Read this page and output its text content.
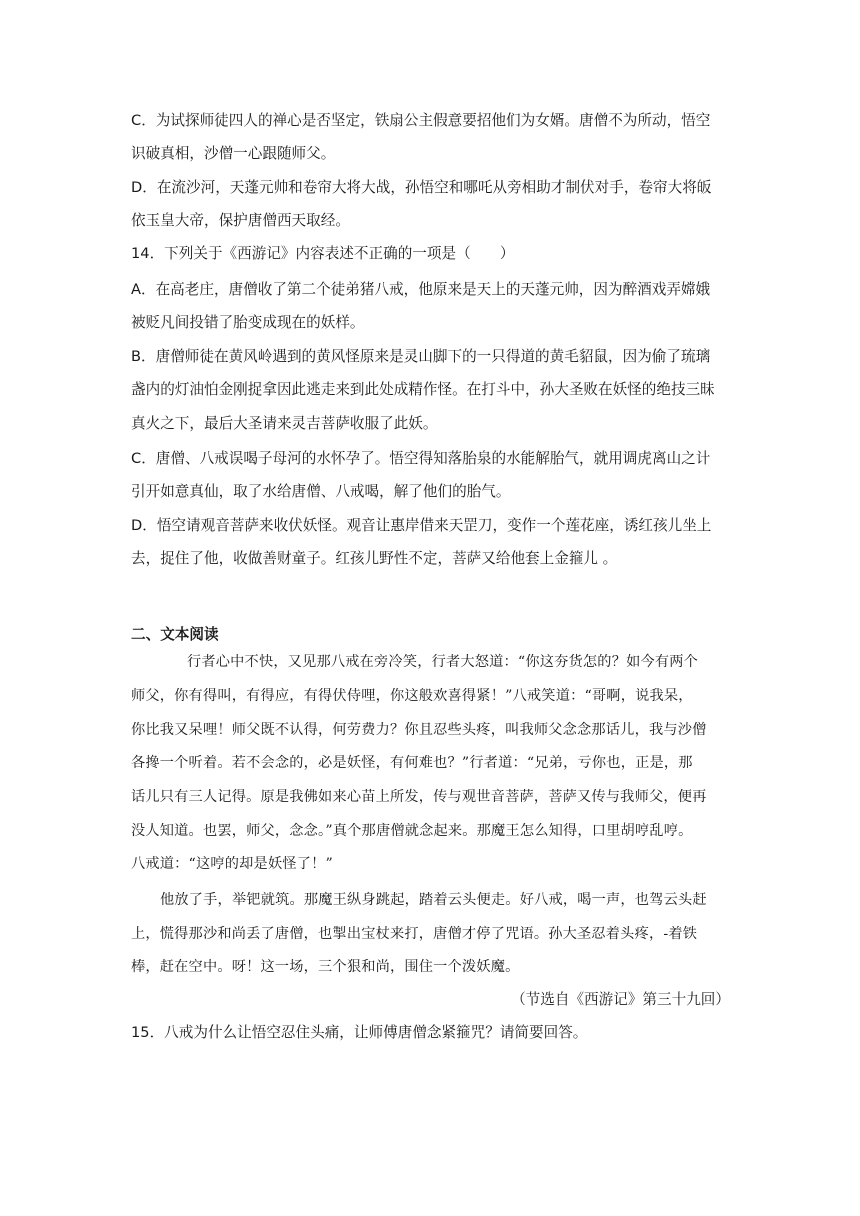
C．为试探师徒四人的禅心是否坚定，铁扇公主假意要招他们为女婿。唐僧不为所动，悟空
识破真相，沙僧一心跟随师父。
D．在流沙河，天蓬元帅和卷帘大将大战，孙悟空和哪吒从旁相助才制伏对手，卷帘大将皈
依玉皇大帝，保护唐僧西天取经。
14．下列关于《西游记》内容表述不正确 • • •的一项是（　　）
A．在高老庄，唐僧收了第二个徒弟猪八戒，他原来是天上的天蓬元帅，因为醉酒戏弄嫦娥
被贬凡间投错了胎变成现在的妖样。
B．唐僧师徒在黄风岭遇到的黄风怪原来是灵山脚下的一只得道的黄毛貂鼠，因为偷了琉璃
盏内的灯油怕金刚捉拿因此逃走来到此处成精作怪。在打斗中，孙大圣败在妖怪的绝技三昧
真火之下，最后大圣请来灵吉菩萨收服了此妖。
C．唐僧、八戒误喝子母河的水怀孕了。悟空得知落胎泉的水能解胎气，就用调虎离山之计
引开如意真仙，取了水给唐僧、八戒喝，解了他们的胎气。
D．悟空请观音菩萨来收伏妖怪。观音让惠岸借来天罡刀，变作一个莲花座，诱红孩儿坐上
去，捉住了他，收做善财童子。红孩儿野性不定，菩萨又给他套上金箍儿 。
二、文本阅读
行者心中不快，又见那八戒在旁冷笑，行者大怒道：“你这夯货怎的？如今有两个
师父，你有得叫，有得应，有得伏侍哩，你这般欢喜得紧！”八戒笑道：“哥啊，说我呆，
你比我又呆哩！师父既不认得，何劳费力？你且忍些头疼，叫我师父念念那话儿，我与沙僧
各搀一个听着。若不会念的，必是妖怪，有何难也？”行者道：“兄弟，亏你也，正是，那
话儿只有三人记得。原是我佛如来心苗上所发，传与观世音菩萨，菩萨又传与我师父，便再
没人知道。也罢，师父，念念。”真个那唐僧就念起来。那魔王怎么知得，口里胡哼乱哼。
八戒道：“这哼的却是妖怪了！”
他放了手，举钯就筑。那魔王纵身跳起，踏着云头便走。好八戒，喝一声，也驾云头赶
上，慌得那沙和尚丢了唐僧，也掣出宝杖来打，唐僧才停了咒语。孙大圣忍着头疼，-着铁
棒，赶在空中。呀！这一场，三个狠和尚，围住一个泼妖魔。
（节选自《西游记》第三十九回）
15．八戒为什么让悟空忍住头痛，让师傅唐僧念紧箍咒？请简要回答。
